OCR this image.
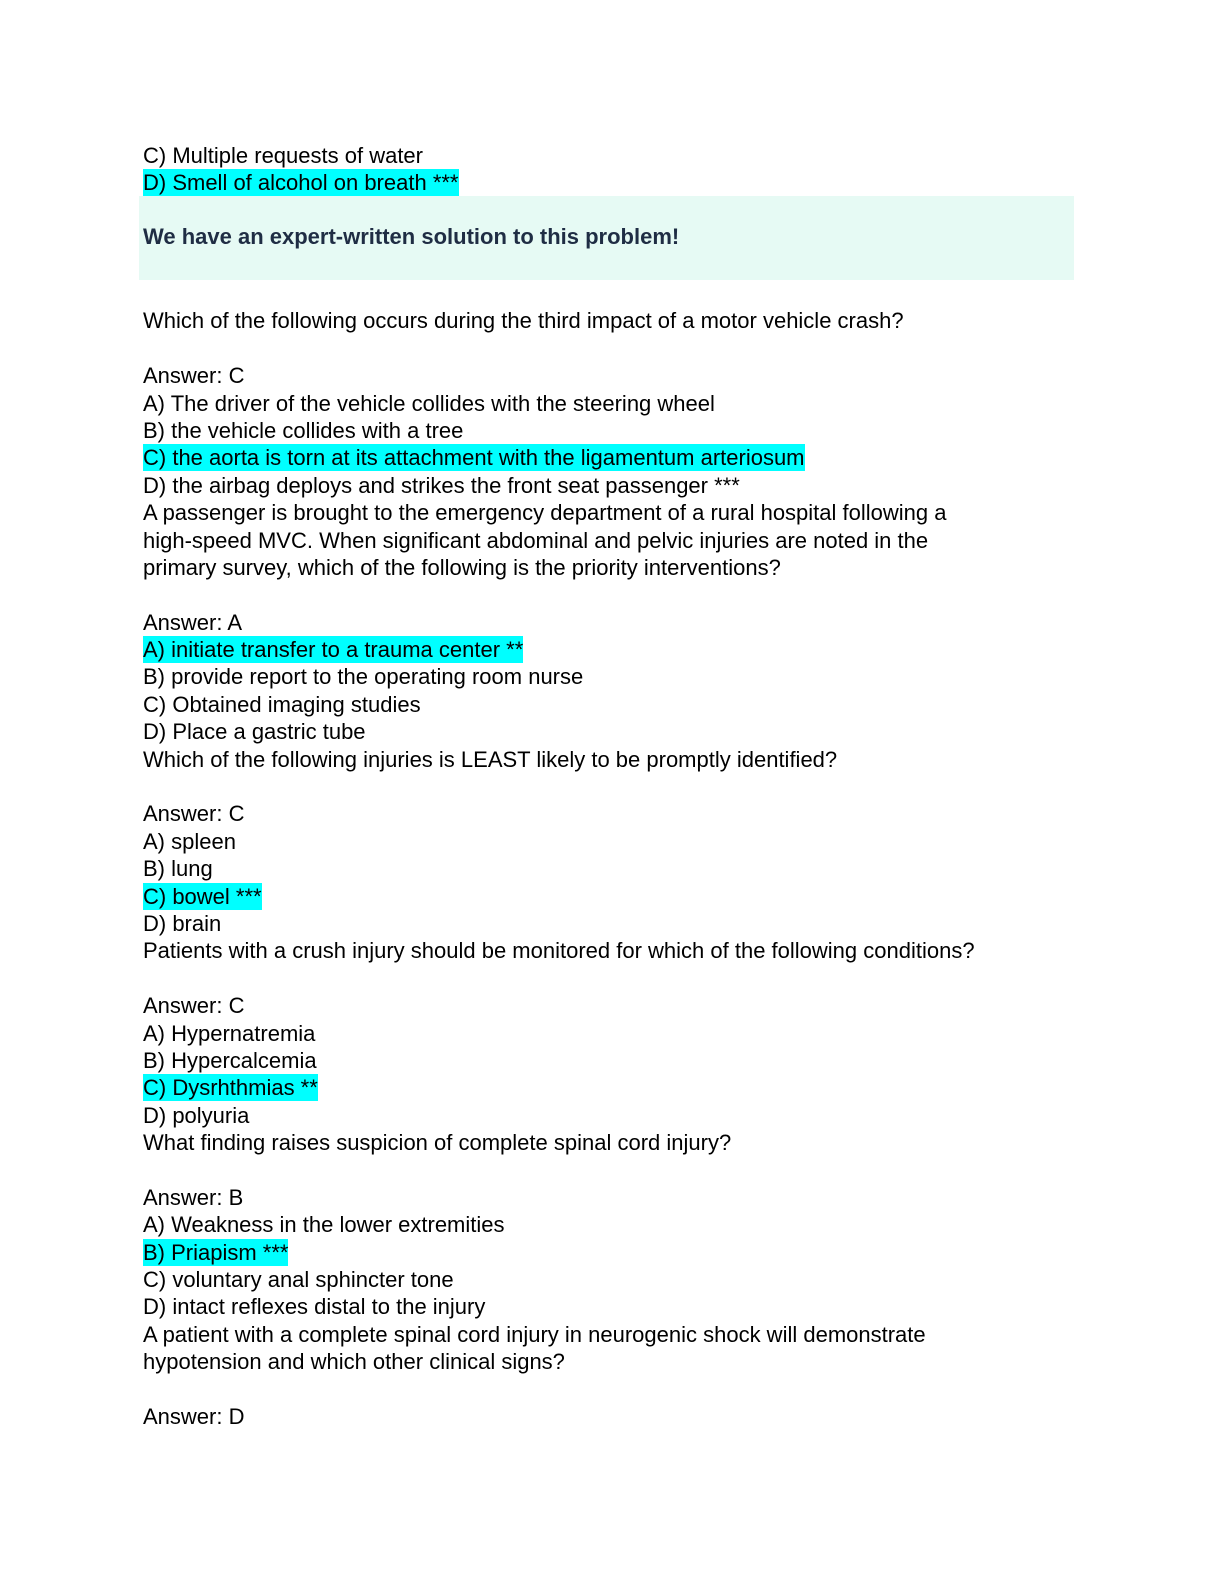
C) Multiple requests of water
D) Smell of alcohol on breath ***
We have an expert-written solution to this problem!
Which of the following occurs during the third impact of a motor vehicle crash?
Answer: C
A) The driver of the vehicle collides with the steering wheel
B) the vehicle collides with a tree
C) the aorta is torn at its attachment with the ligamentum arteriosum
D) the airbag deploys and strikes the front seat passenger ***
A passenger is brought to the emergency department of a rural hospital following a
high-speed MVC. When significant abdominal and pelvic injuries are noted in the
primary survey, which of the following is the priority interventions?
Answer: A
A) initiate transfer to a trauma center **
B) provide report to the operating room nurse
C) Obtained imaging studies
D) Place a gastric tube
Which of the following injuries is LEAST likely to be promptly identified?
Answer: C
A) spleen
B) lung
C) bowel ***
D) brain
Patients with a crush injury should be monitored for which of the following conditions?
Answer: C
A) Hypernatremia
B) Hypercalcemia
C) Dysrhthmias **
D) polyuria
What finding raises suspicion of complete spinal cord injury?
Answer: B
A) Weakness in the lower extremities
B) Priapism ***
C) voluntary anal sphincter tone
D) intact reflexes distal to the injury
A patient with a complete spinal cord injury in neurogenic shock will demonstrate
hypotension and which other clinical signs?
Answer: D
